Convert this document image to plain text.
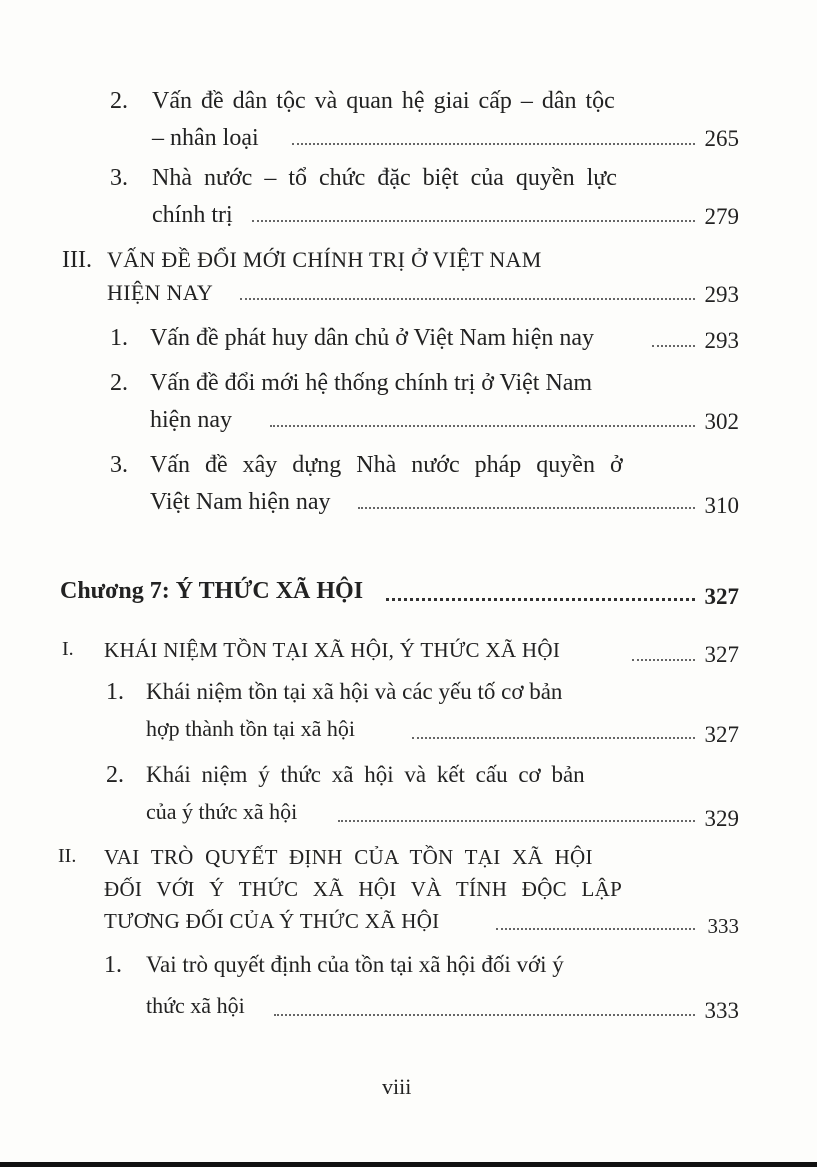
2. Vấn đề dân tộc và quan hệ giai cấp – dân tộc
– nhân loại	265
3. Nhà nước – tổ chức đặc biệt của quyền lực
chính trị	279
III. VẤN ĐỀ ĐỔI MỚI CHÍNH TRỊ Ở VIỆT NAM
HIỆN NAY	293
1. Vấn đề phát huy dân chủ ở Việt Nam hiện nay	293
2. Vấn đề đổi mới hệ thống chính trị ở Việt Nam
hiện nay	302
3. Vấn đề xây dựng Nhà nước pháp quyền ở
Việt Nam hiện nay	310
Chương 7: Ý THỨC XÃ HỘI	327
I. KHÁI NIỆM TỒN TẠI XÃ HỘI, Ý THỨC XÃ HỘI	327
1. Khái niệm tồn tại xã hội và các yếu tố cơ bản
hợp thành tồn tại xã hội	327
2. Khái niệm ý thức xã hội và kết cấu cơ bản
của ý thức xã hội	329
II. VAI TRÒ QUYẾT ĐỊNH CỦA TỒN TẠI XÃ HỘI
ĐỐI VỚI Ý THỨC XÃ HỘI VÀ TÍNH ĐỘC LẬP
TƯƠNG ĐỐI CỦA Ý THỨC XÃ HỘI	333
1. Vai trò quyết định của tồn tại xã hội đối với ý
thức xã hội	333
viii
